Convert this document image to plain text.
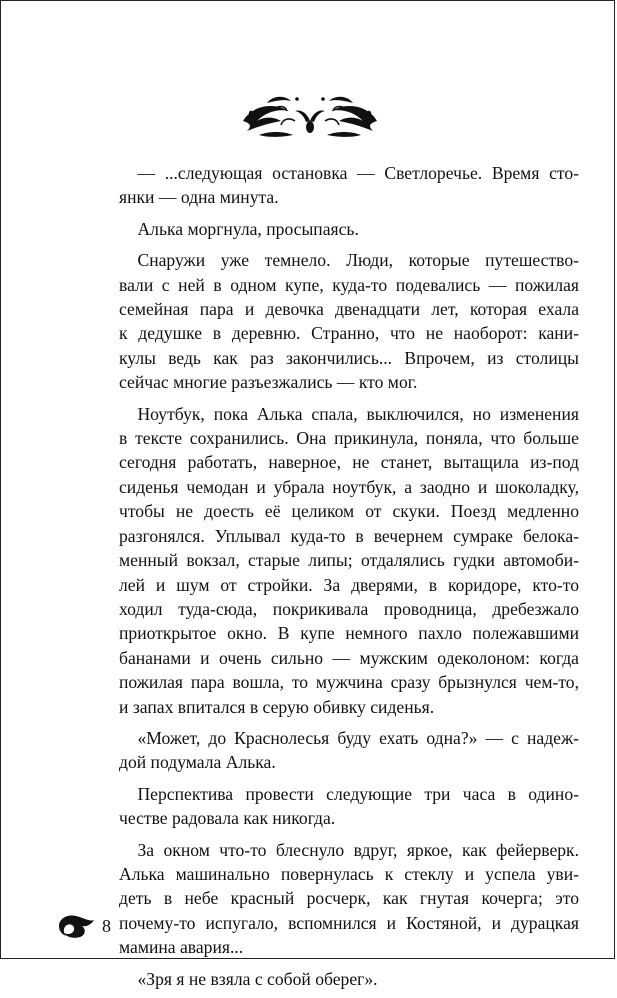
— ...следующая остановка — Светлоречье. Время сто-
янки — одна минута.
Алька моргнула, просыпаясь.
Снаружи уже темнело. Люди, которые путешество-
вали с ней в одном купе, куда-то подевались — пожилая
семейная пара и девочка двенадцати лет, которая ехала
к дедушке в деревню. Странно, что не наоборот: кани-
кулы ведь как раз закончились... Впрочем, из столицы
сейчас многие разъезжались — кто мог.
Ноутбук, пока Алька спала, выключился, но изменения
в тексте сохранились. Она прикинула, поняла, что больше
сегодня работать, наверное, не станет, вытащила из-под
сиденья чемодан и убрала ноутбук, а заодно и шоколадку,
чтобы не доесть её целиком от скуки. Поезд медленно
разгонялся. Уплывал куда-то в вечернем сумраке белока-
менный вокзал, старые липы; отдалялись гудки автомоби-
лей и шум от стройки. За дверями, в коридоре, кто-то
ходил туда-сюда, покрикивала проводница, дребезжало
приоткрытое окно. В купе немного пахло полежавшими
бананами и очень сильно — мужским одеколоном: когда
пожилая пара вошла, то мужчина сразу брызнулся чем-то,
и запах впитался в серую обивку сиденья.
«Может, до Краснолесья буду ехать одна?» — с надеж-
дой подумала Алька.
Перспектива провести следующие три часа в одино-
честве радовала как никогда.
За окном что-то блеснуло вдруг, яркое, как фейерверк.
Алька машинально повернулась к стеклу и успела уви-
деть в небе красный росчерк, как гнутая кочерга; это
почему-то испугало, вспомнился и Костяной, и дурацкая
мамина авария...
«Зря я не взяла с собой оберег».
8
